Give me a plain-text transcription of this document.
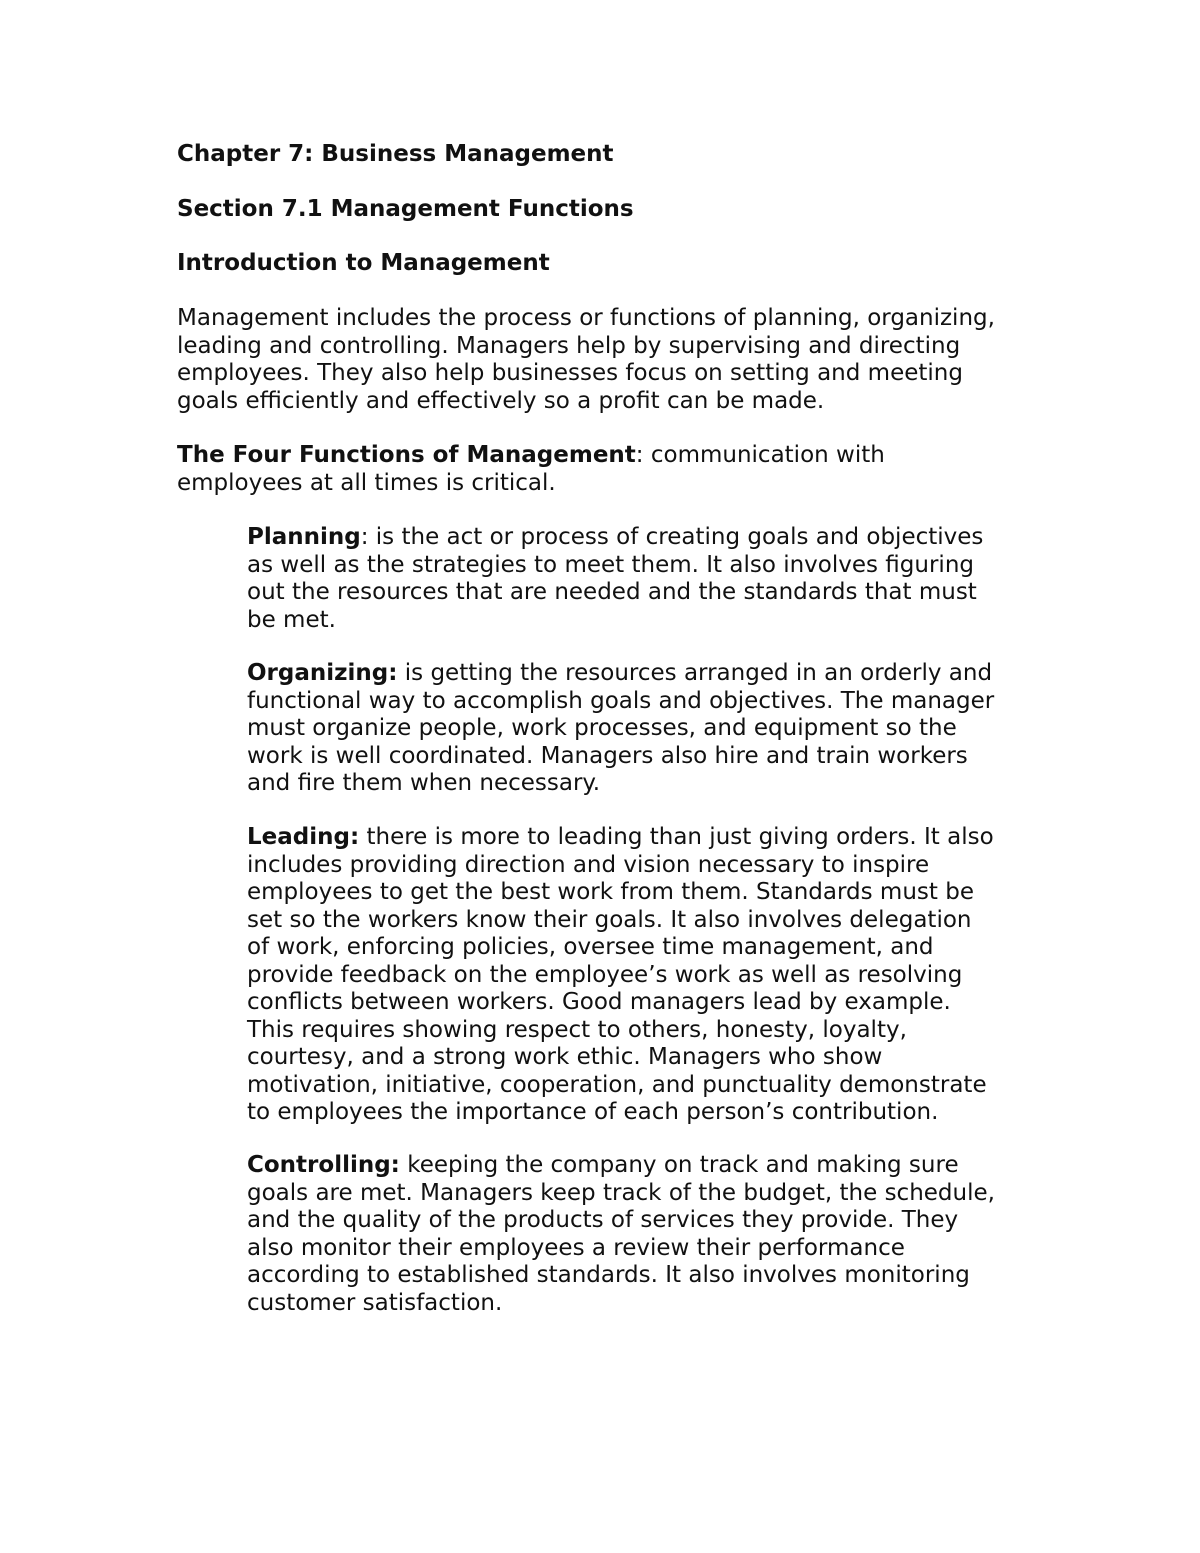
Chapter 7: Business Management

Section 7.1 Management Functions

Introduction to Management

Management includes the process or functions of planning, organizing,
leading and controlling. Managers help by supervising and directing
employees. They also help businesses focus on setting and meeting
goals efficiently and effectively so a profit can be made.

The Four Functions of Management: communication with
employees at all times is critical.

Planning: is the act or process of creating goals and objectives
as well as the strategies to meet them. It also involves figuring
out the resources that are needed and the standards that must
be met.

Organizing: is getting the resources arranged in an orderly and
functional way to accomplish goals and objectives. The manager
must organize people, work processes, and equipment so the
work is well coordinated. Managers also hire and train workers
and fire them when necessary.

Leading: there is more to leading than just giving orders. It also
includes providing direction and vision necessary to inspire
employees to get the best work from them. Standards must be
set so the workers know their goals. It also involves delegation
of work, enforcing policies, oversee time management, and
provide feedback on the employee’s work as well as resolving
conflicts between workers. Good managers lead by example.
This requires showing respect to others, honesty, loyalty,
courtesy, and a strong work ethic. Managers who show
motivation, initiative, cooperation, and punctuality demonstrate
to employees the importance of each person’s contribution.

Controlling: keeping the company on track and making sure
goals are met. Managers keep track of the budget, the schedule,
and the quality of the products of services they provide. They
also monitor their employees a review their performance
according to established standards. It also involves monitoring
customer satisfaction.
